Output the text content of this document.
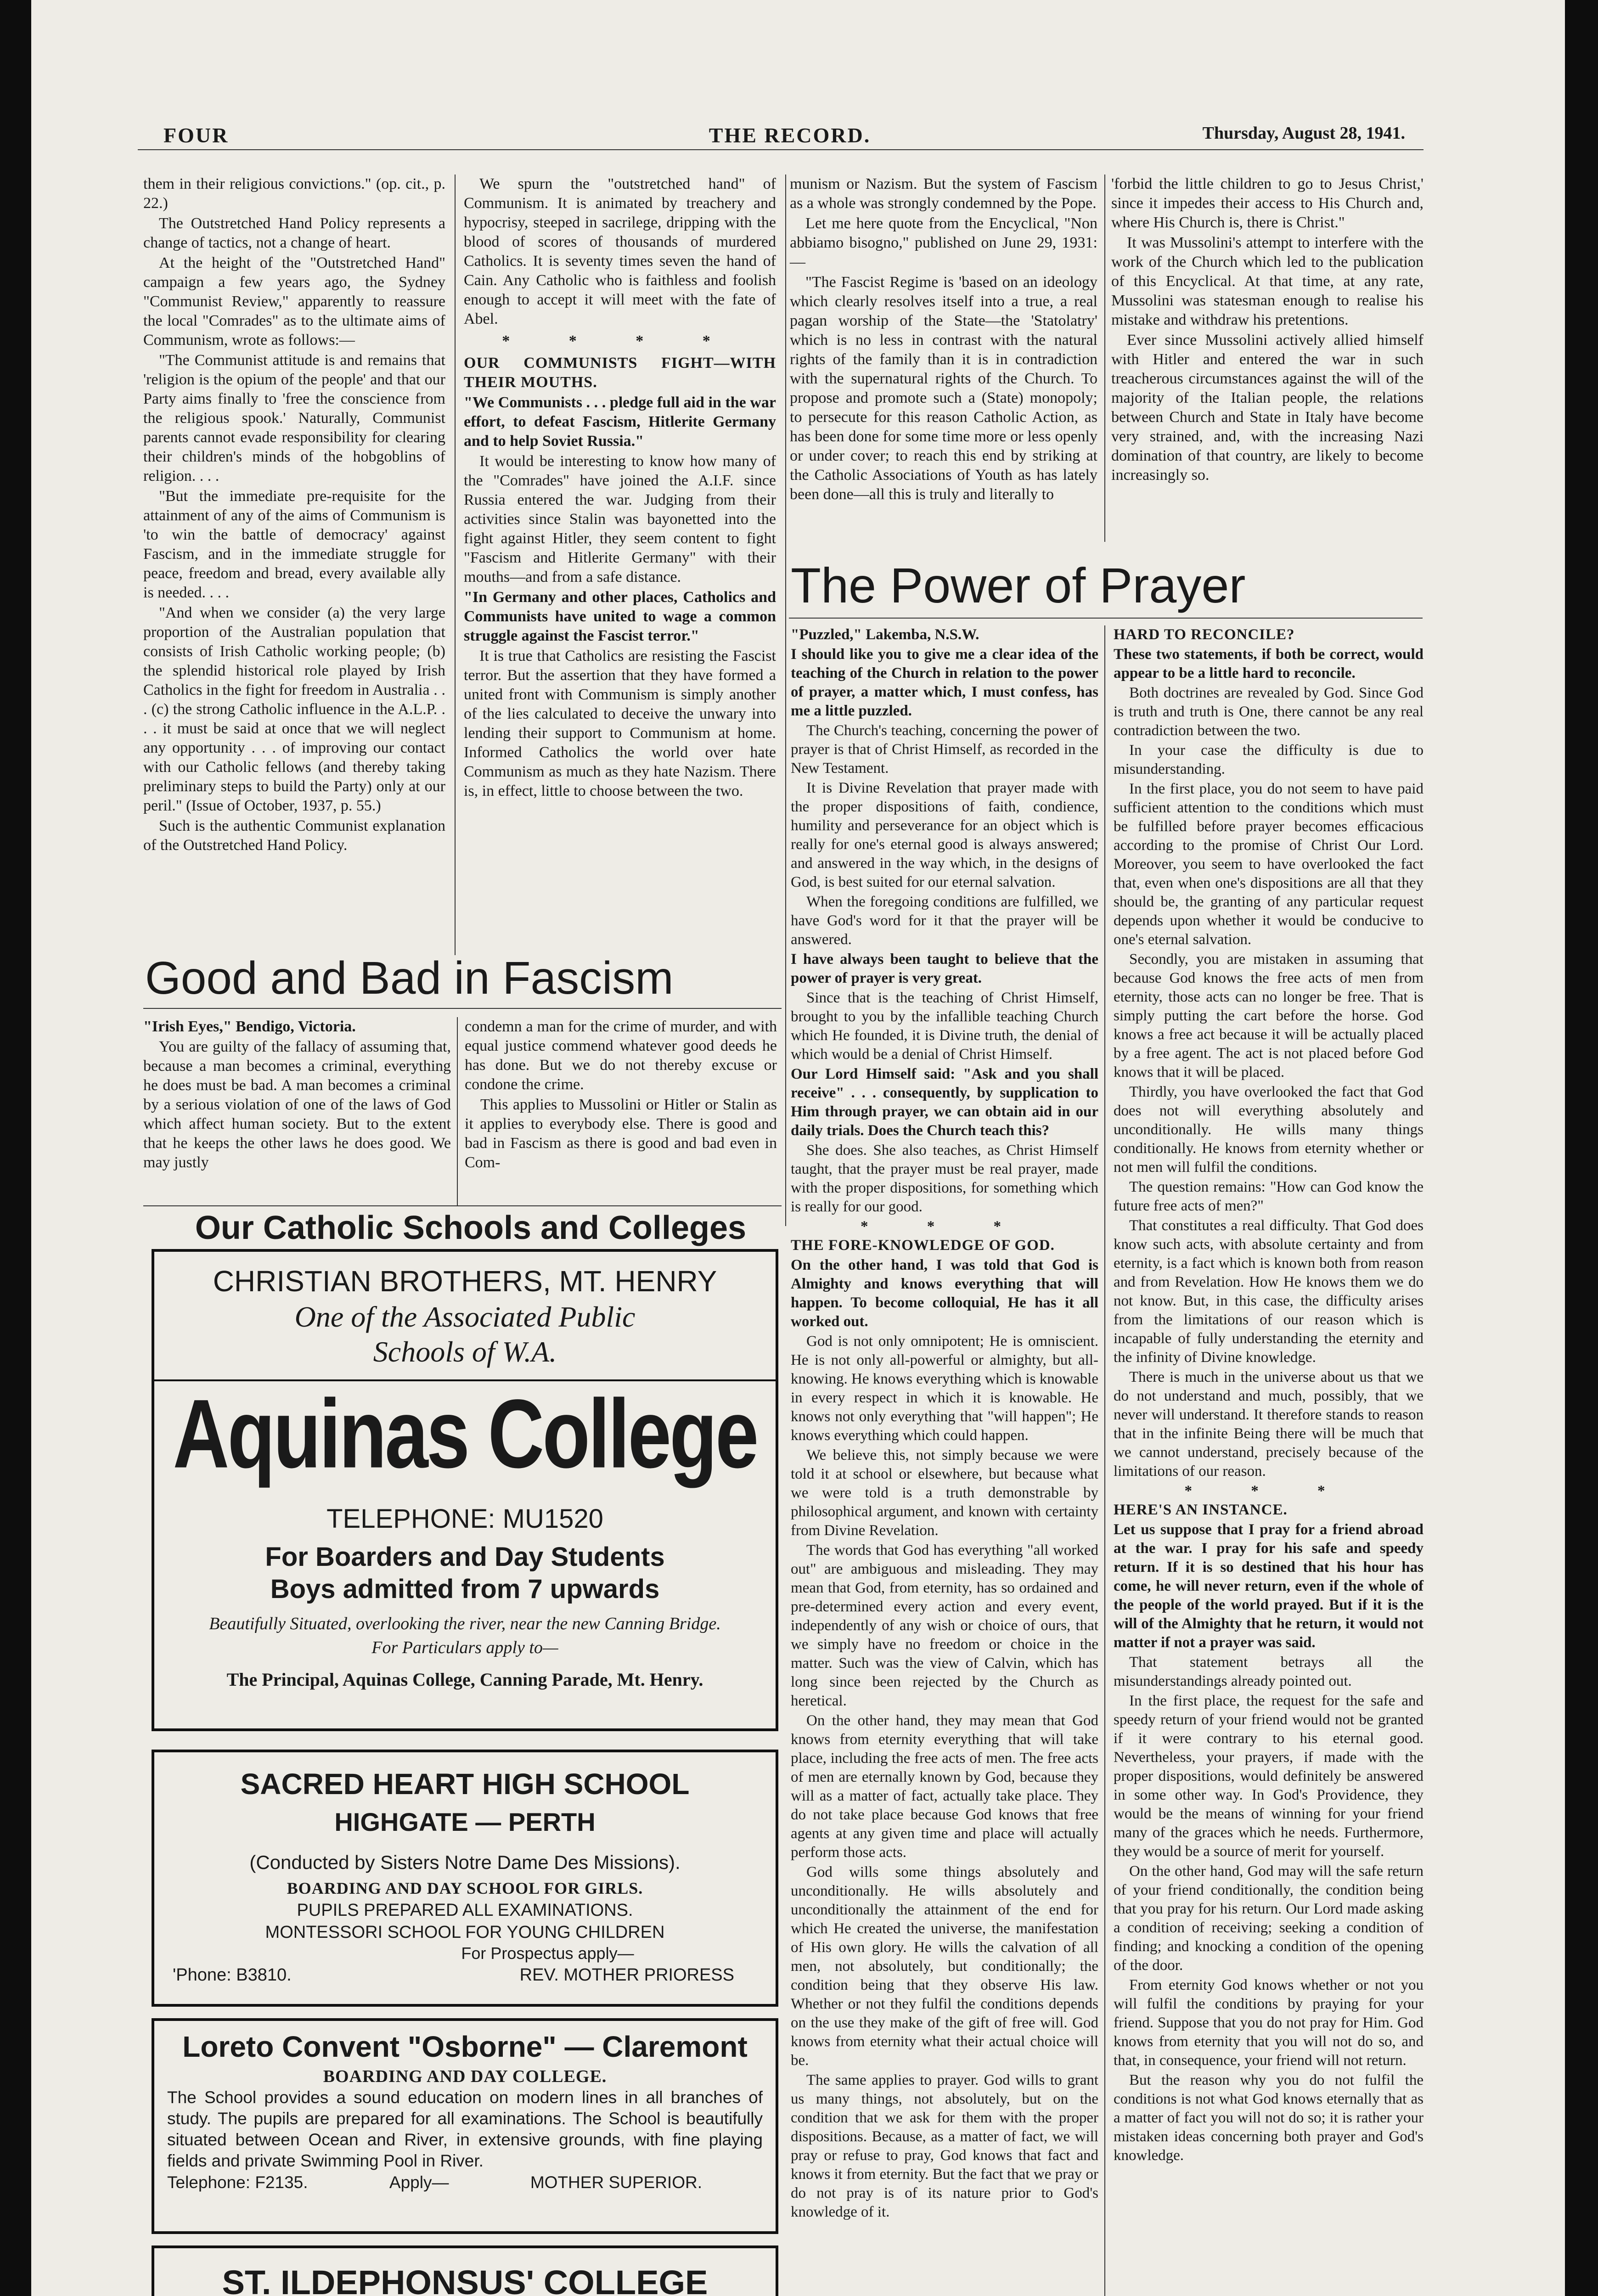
FOUR	THE RECORD.	Thursday, August 28, 1941.

them in their religious convictions." (op. cit., p. 22.)

The Outstretched Hand Policy represents a change of tactics, not a change of heart.

At the height of the "Outstretched Hand" campaign a few years ago, the Sydney "Communist Review," apparently to reassure the local "Comrades" as to the ultimate aims of Communism, wrote as follows:—

"The Communist attitude is and remains that 'religion is the opium of the people' and that our Party aims finally to 'free the conscience from the religious spook.' Naturally, Communist parents cannot evade responsibility for clearing their children's minds of the hobgoblins of religion. . . .

"But the immediate pre-requisite for the attainment of any of the aims of Communism is 'to win the battle of democracy' against Fascism, and in the immediate struggle for peace, freedom and bread, every available ally is needed. . . .

"And when we consider (a) the very large proportion of the Australian population that consists of Irish Catholic working people; (b) the splendid historical role played by Irish Catholics in the fight for freedom in Australia . . . (c) the strong Catholic influence in the A.L.P. . . . it must be said at once that we will neglect any opportunity . . . of improving our contact with our Catholic fellows (and thereby taking preliminary steps to build the Party) only at our peril." (Issue of October, 1937, p. 55.)

Such is the authentic Communist explanation of the Outstretched Hand Policy.

We spurn the "outstretched hand" of Communism. It is animated by treachery and hypocrisy, steeped in sacrilege, dripping with the blood of scores of thousands of murdered Catholics. It is seventy times seven the hand of Cain. Any Catholic who is faithless and foolish enough to accept it will meet with the fate of Abel.

* * * *

OUR COMMUNISTS FIGHT—WITH THEIR MOUTHS.

"We Communists . . . pledge full aid in the war effort, to defeat Fascism, Hitlerite Germany and to help Soviet Russia."

It would be interesting to know how many of the "Comrades" have joined the A.I.F. since Russia entered the war. Judging from their activities since Stalin was bayonetted into the fight against Hitler, they seem content to fight "Fascism and Hitlerite Germany" with their mouths—and from a safe distance.

"In Germany and other places, Catholics and Communists have united to wage a common struggle against the Fascist terror."

It is true that Catholics are resisting the Fascist terror. But the assertion that they have formed a united front with Communism is simply another of the lies calculated to deceive the unwary into lending their support to Communism at home. Informed Catholics the world over hate Communism as much as they hate Nazism. There is, in effect, little to choose between the two.

munism or Nazism. But the system of Fascism as a whole was strongly condemned by the Pope.

Let me here quote from the Encyclical, "Non abbiamo bisogno," published on June 29, 1931:—

"The Fascist Regime is 'based on an ideology which clearly resolves itself into a true, a real pagan worship of the State—the 'Statolatry' which is no less in contrast with the natural rights of the family than it is in contradiction with the supernatural rights of the Church. To propose and promote such a (State) monopoly; to persecute for this reason Catholic Action, as has been done for some time more or less openly or under cover; to reach this end by striking at the Catholic Associations of Youth as has lately been done—all this is truly and literally to

'forbid the little children to go to Jesus Christ,' since it impedes their access to His Church and, where His Church is, there is Christ."

It was Mussolini's attempt to interfere with the work of the Church which led to the publication of this Encyclical. At that time, at any rate, Mussolini was statesman enough to realise his mistake and withdraw his pretentions.

Ever since Mussolini actively allied himself with Hitler and entered the war in such treacherous circumstances against the will of the majority of the Italian people, the relations between Church and State in Italy have become very strained, and, with the increasing Nazi domination of that country, are likely to become increasingly so.

Good and Bad in Fascism

"Irish Eyes," Bendigo, Victoria.

You are guilty of the fallacy of assuming that, because a man becomes a criminal, everything he does must be bad. A man becomes a criminal by a serious violation of one of the laws of God which affect human society. But to the extent that he keeps the other laws he does good. We may justly

condemn a man for the crime of murder, and with equal justice commend whatever good deeds he has done. But we do not thereby excuse or condone the crime.

This applies to Mussolini or Hitler or Stalin as it applies to everybody else. There is good and bad in Fascism as there is good and bad even in Com-

Our Catholic Schools and Colleges
CHRISTIAN BROTHERS, MT. HENRY
One of the Associated Public
Schools of W.A.
Aquinas College
TELEPHONE: MU1520
For Boarders and Day Students
Boys admitted from 7 upwards
Beautifully Situated, overlooking the river, near the new Canning Bridge.
For Particulars apply to—
The Principal, Aquinas College, Canning Parade, Mt. Henry.
SACRED HEART HIGH SCHOOL
HIGHGATE — PERTH
(Conducted by Sisters Notre Dame Des Missions).
BOARDING AND DAY SCHOOL FOR GIRLS.
PUPILS PREPARED ALL EXAMINATIONS.
MONTESSORI SCHOOL FOR YOUNG CHILDREN
For Prospectus apply—
'Phone: B3810.	REV. MOTHER PRIORESS
Loreto Convent "Osborne" — Claremont
BOARDING AND DAY COLLEGE.
The School provides a sound education on modern lines in all branches of study. The pupils are prepared for all examinations. The School is beautifully situated between Ocean and River, in extensive grounds, with fine playing fields and private Swimming Pool in River.
Telephone: F2135.	Apply—	MOTHER SUPERIOR.
ST. ILDEPHONSUS' COLLEGE
The Power of Prayer

"Puzzled," Lakemba, N.S.W.

I should like you to give me a clear idea of the teaching of the Church in relation to the power of prayer, a matter which, I must confess, has me a little puzzled.

The Church's teaching, concerning the power of prayer is that of Christ Himself, as recorded in the New Testament.

It is Divine Revelation that prayer made with the proper dispositions of faith, condience, humility and perseverance for an object which is really for one's eternal good is always answered; and answered in the way which, in the designs of God, is best suited for our eternal salvation.

When the foregoing conditions are fulfilled, we have God's word for it that the prayer will be answered.

I have always been taught to believe that the power of prayer is very great.

Since that is the teaching of Christ Himself, brought to you by the infallible teaching Church which He founded, it is Divine truth, the denial of which would be a denial of Christ Himself.

Our Lord Himself said: "Ask and you shall receive" . . . consequently, by supplication to Him through prayer, we can obtain aid in our daily trials. Does the Church teach this?

She does. She also teaches, as Christ Himself taught, that the prayer must be real prayer, made with the proper dispositions, for something which is really for our good.

* * *

THE FORE-KNOWLEDGE OF GOD.

On the other hand, I was told that God is Almighty and knows everything that will happen. To become colloquial, He has it all worked out.

God is not only omnipotent; He is omniscient. He is not only all-powerful or almighty, but all-knowing. He knows everything which is knowable in every respect in which it is knowable. He knows not only everything that "will happen"; He knows everything which could happen.

We believe this, not simply because we were told it at school or elsewhere, but because what we were told is a truth demonstrable by philosophical argument, and known with certainty from Divine Revelation.

The words that God has everything "all worked out" are ambiguous and misleading. They may mean that God, from eternity, has so ordained and pre-determined every action and every event, independently of any wish or choice of ours, that we simply have no freedom or choice in the matter. Such was the view of Calvin, which has long since been rejected by the Church as heretical.

On the other hand, they may mean that God knows from eternity everything that will take place, including the free acts of men. The free acts of men are eternally known by God, because they will as a matter of fact, actually take place. They do not take place because God knows that free agents at any given time and place will actually perform those acts.

God wills some things absolutely and unconditionally. He wills absolutely and unconditionally the attainment of the end for which He created the universe, the manifestation of His own glory. He wills the calvation of all men, not absolutely, but conditionally; the condition being that they observe His law. Whether or not they fulfil the conditions depends on the use they make of the gift of free will. God knows from eternity what their actual choice will be.

The same applies to prayer. God wills to grant us many things, not absolutely, but on the condition that we ask for them with the proper dispositions. Because, as a matter of fact, we will pray or refuse to pray, God knows that fact and knows it from eternity. But the fact that we pray or do not pray is of its nature prior to God's knowledge of it.

HARD TO RECONCILE?

These two statements, if both be correct, would appear to be a little hard to reconcile.

Both doctrines are revealed by God. Since God is truth and truth is One, there cannot be any real contradiction between the two.

In your case the difficulty is due to misunderstanding.

In the first place, you do not seem to have paid sufficient attention to the conditions which must be fulfilled before prayer becomes efficacious according to the promise of Christ Our Lord. Moreover, you seem to have overlooked the fact that, even when one's dispositions are all that they should be, the granting of any particular request depends upon whether it would be conducive to one's eternal salvation.

Secondly, you are mistaken in assuming that because God knows the free acts of men from eternity, those acts can no longer be free. That is simply putting the cart before the horse. God knows a free act because it will be actually placed by a free agent. The act is not placed before God knows that it will be placed.

Thirdly, you have overlooked the fact that God does not will everything absolutely and unconditionally. He wills many things conditionally. He knows from eternity whether or not men will fulfil the conditions.

The question remains: "How can God know the future free acts of men?"

That constitutes a real difficulty. That God does know such acts, with absolute certainty and from eternity, is a fact which is known both from reason and from Revelation. How He knows them we do not know. But, in this case, the difficulty arises from the limitations of our reason which is incapable of fully understanding the eternity and the infinity of Divine knowledge.

There is much in the universe about us that we do not understand and much, possibly, that we never will understand. It therefore stands to reason that in the infinite Being there will be much that we cannot understand, precisely because of the limitations of our reason.

* * *

HERE'S AN INSTANCE.

Let us suppose that I pray for a friend abroad at the war. I pray for his safe and speedy return. If it is so destined that his hour has come, he will never return, even if the whole of the people of the world prayed. But if it is the will of the Almighty that he return, it would not matter if not a prayer was said.

That statement betrays all the misunderstandings already pointed out.

In the first place, the request for the safe and speedy return of your friend would not be granted if it were contrary to his eternal good. Nevertheless, your prayers, if made with the proper dispositions, would definitely be answered in some other way. In God's Providence, they would be the means of winning for your friend many of the graces which he needs. Furthermore, they would be a source of merit for yourself.

On the other hand, God may will the safe return of your friend conditionally, the condition being that you pray for his return. Our Lord made asking a condition of receiving; seeking a condition of finding; and knocking a condition of the opening of the door.

From eternity God knows whether or not you will fulfil the conditions by praying for your friend. Suppose that you do not pray for Him. God knows from eternity that you will not do so, and that, in consequence, your friend will not return.

But the reason why you do not fulfil the conditions is not what God knows eternally that as a matter of fact you will not do so; it is rather your mistaken ideas concerning both prayer and God's knowledge.
